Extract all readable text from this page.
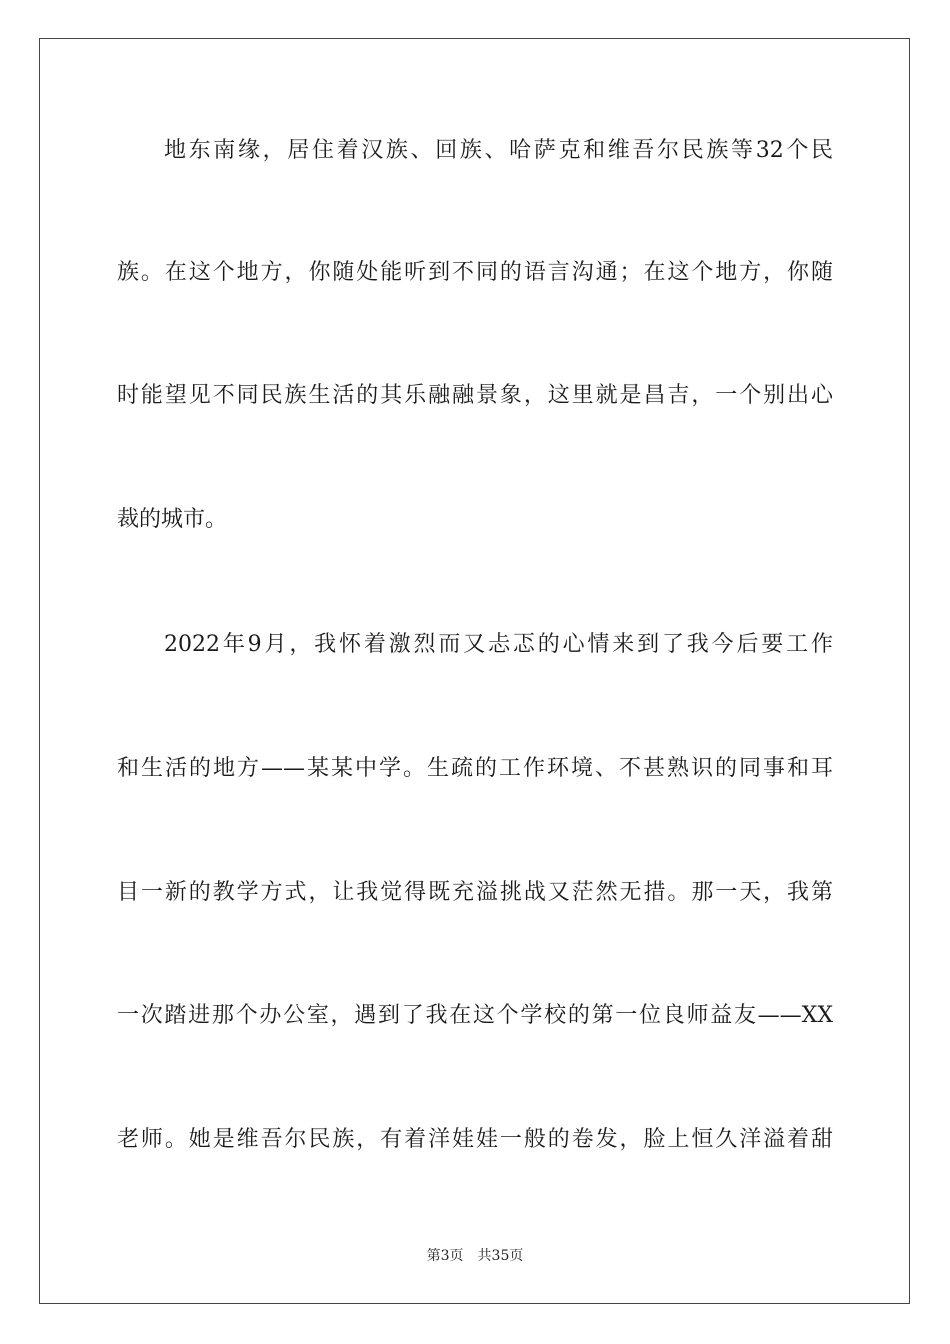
地东南缘，居住着汉族、回族、哈萨克和维吾尔民族等32个民
族。在这个地方，你随处能听到不同的语言沟通；在这个地方，你随
时能望见不同民族生活的其乐融融景象，这里就是昌吉，一个别出心
裁的城市。
2022年9月，我怀着激烈而又忐忑的心情来到了我今后要工作
和生活的地方——某某中学。生疏的工作环境、不甚熟识的同事和耳
目一新的教学方式，让我觉得既充溢挑战又茫然无措。那一天，我第
一次踏进那个办公室，遇到了我在这个学校的第一位良师益友——XX
老师。她是维吾尔民族，有着洋娃娃一般的卷发，脸上恒久洋溢着甜
第3页 共35页
